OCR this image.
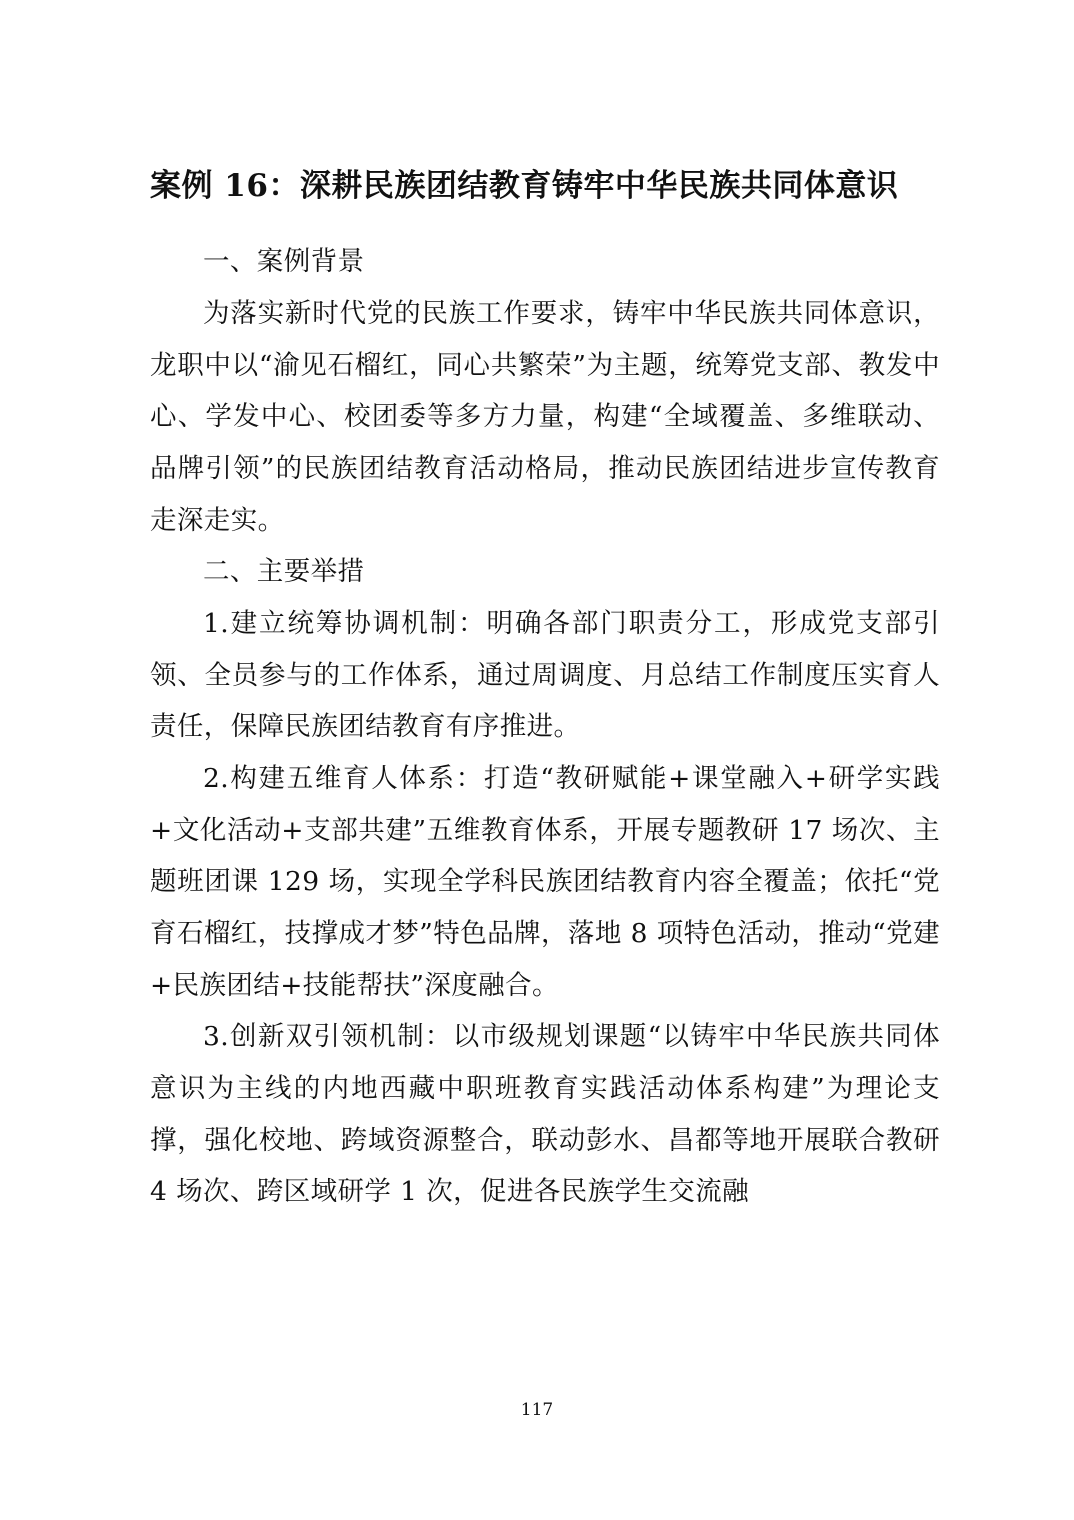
案例 16：深耕民族团结教育铸牢中华民族共同体意识

一、案例背景

为落实新时代党的民族工作要求，铸牢中华民族共同体意识，龙职中以“渝见石榴红，同心共繁荣”为主题，统筹党支部、教发中心、学发中心、校团委等多方力量，构建“全域覆盖、多维联动、品牌引领”的民族团结教育活动格局，推动民族团结进步宣传教育走深走实。

二、主要举措

1.建立统筹协调机制：明确各部门职责分工，形成党支部引领、全员参与的工作体系，通过周调度、月总结工作制度压实育人责任，保障民族团结教育有序推进。

2.构建五维育人体系：打造“教研赋能+课堂融入+研学实践+文化活动+支部共建”五维教育体系，开展专题教研 17 场次、主题班团课 129 场，实现全学科民族团结教育内容全覆盖；依托“党育石榴红，技撑成才梦”特色品牌，落地 8 项特色活动，推动“党建+民族团结+技能帮扶”深度融合。

3.创新双引领机制：以市级规划课题“以铸牢中华民族共同体意识为主线的内地西藏中职班教育实践活动体系构建”为理论支撑，强化校地、跨域资源整合，联动彭水、昌都等地开展联合教研 4 场次、跨区域研学 1 次，促进各民族学生交流融

117
